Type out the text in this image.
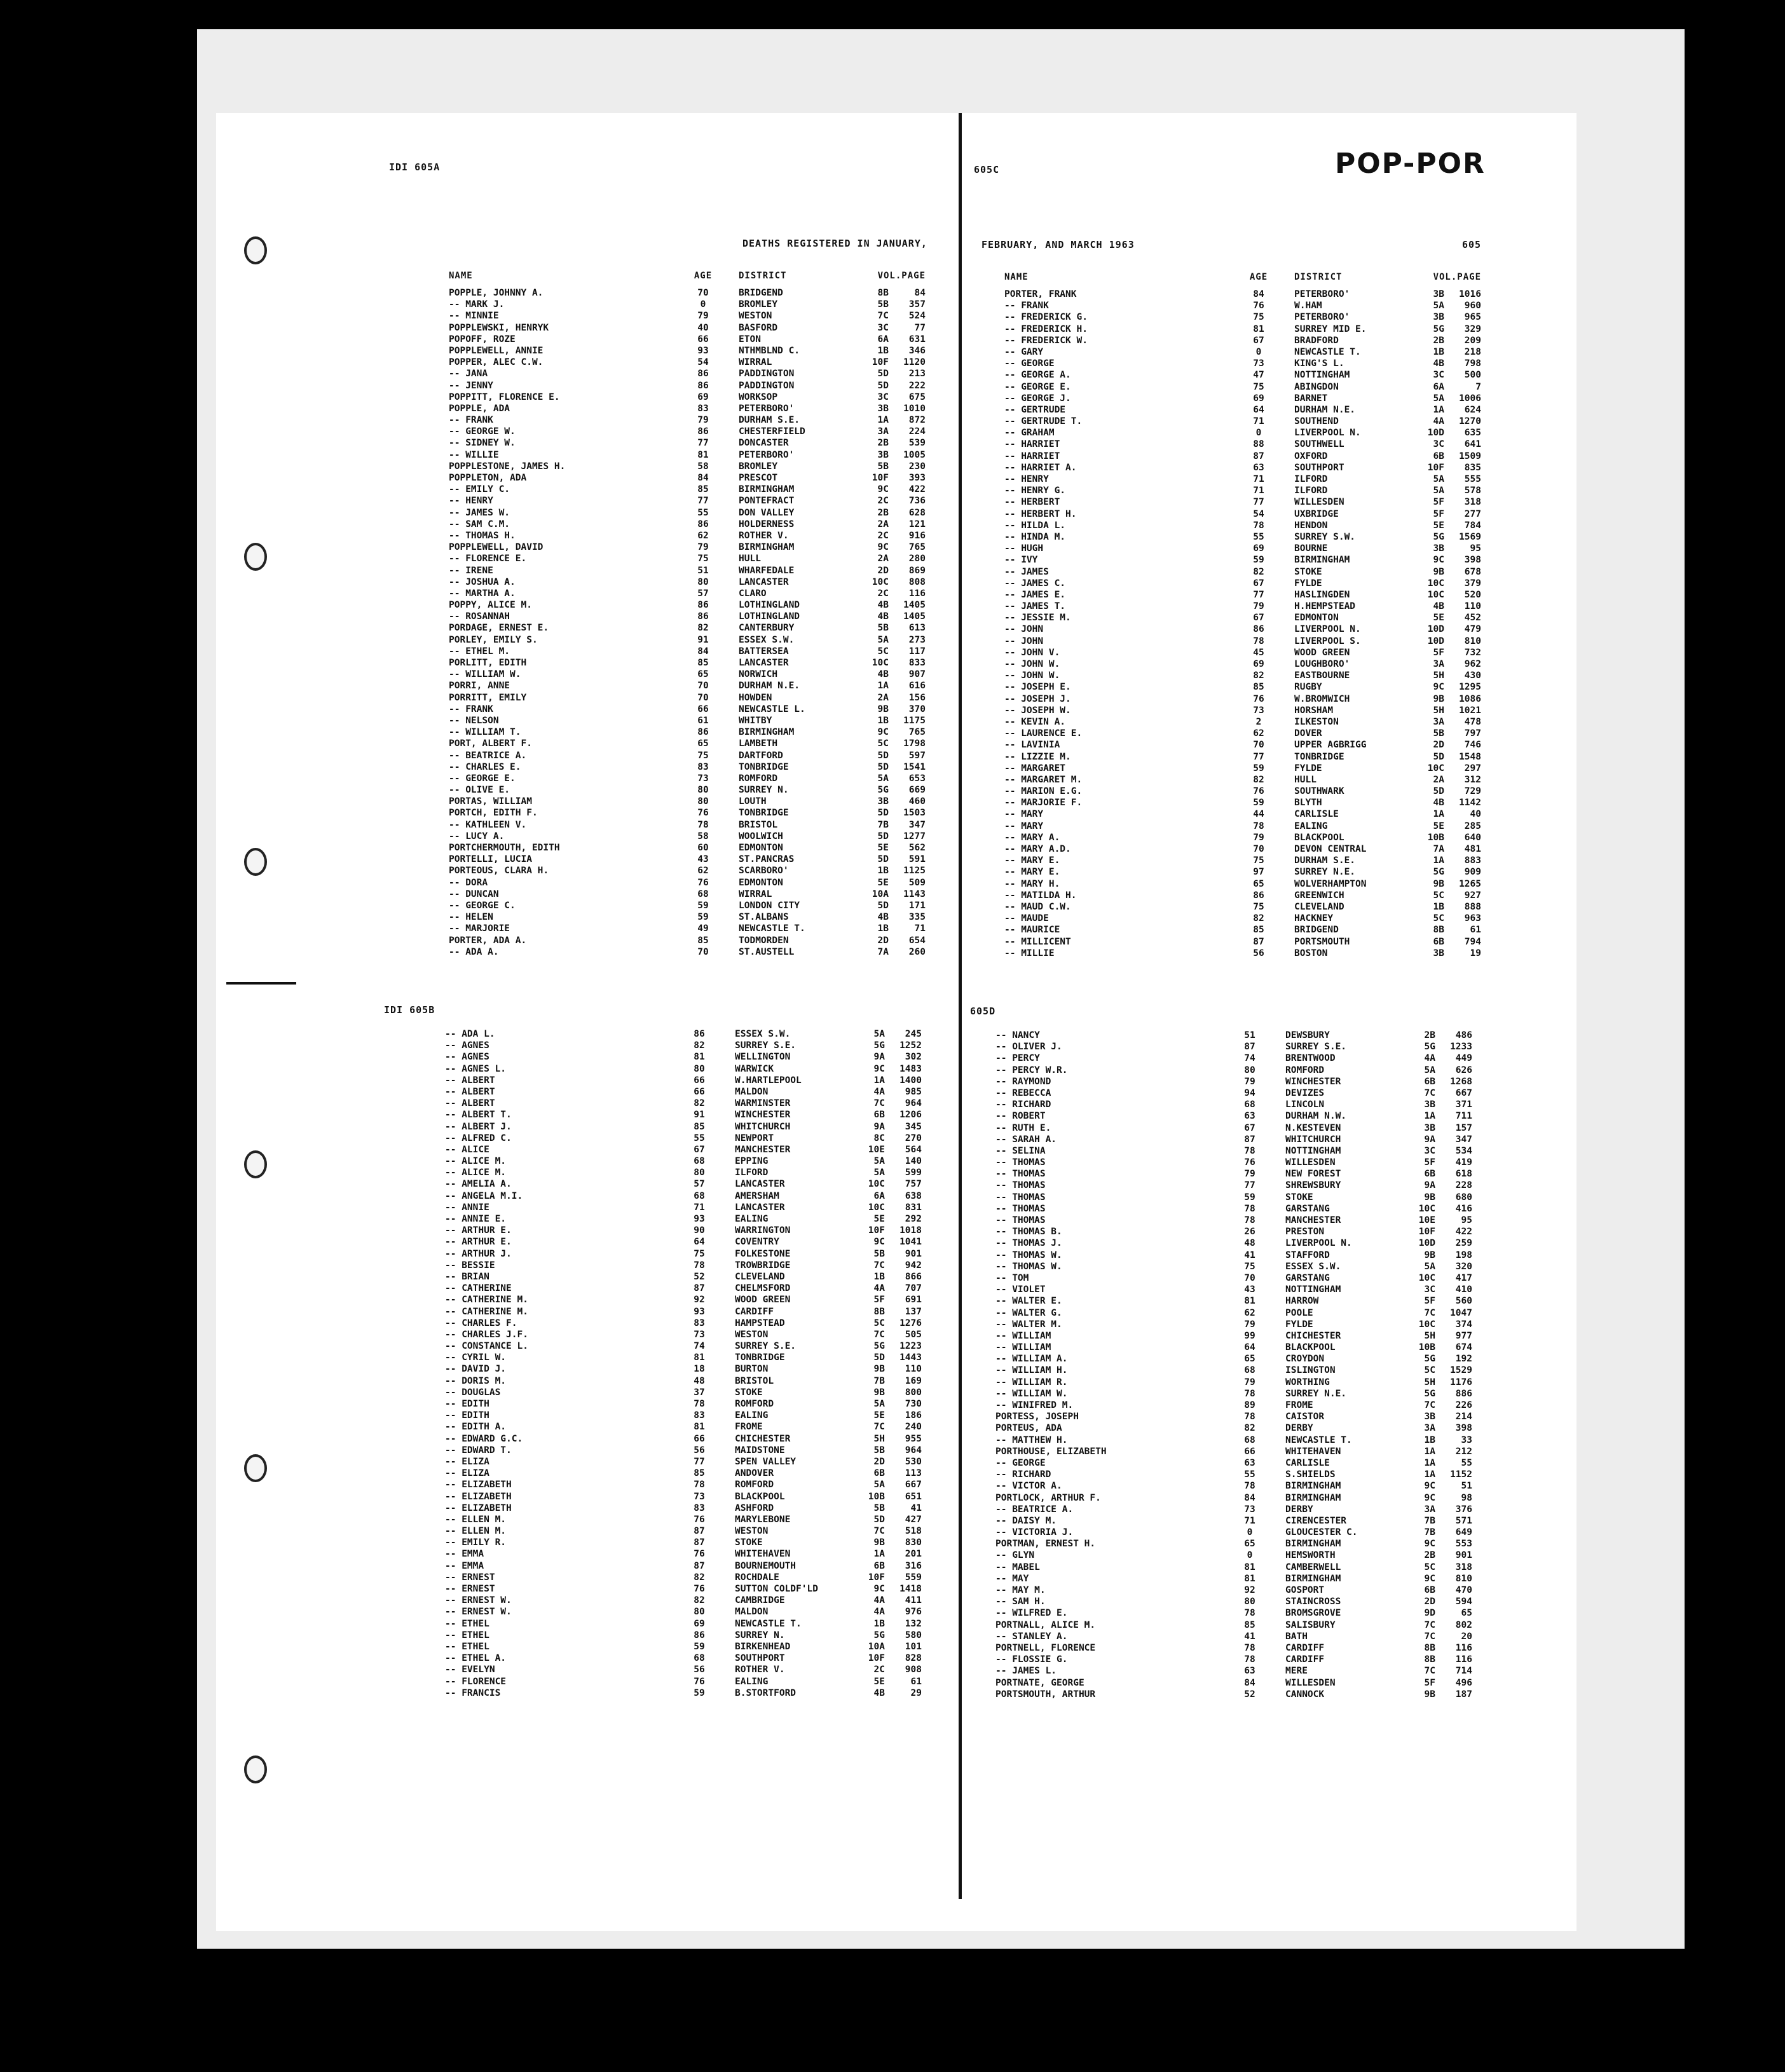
IDI 605A	605C	POP-POR
DEATHS REGISTERED IN JANUARY,	FEBRUARY, AND MARCH 1963	605
IDI 605B	605D
NAME	AGE	DISTRICT	VOL.PAGE
POPPLE, JOHNNY A.	70	BRIDGEND	8B	84
-- MARK J.	0	BROMLEY	5B	357
-- MINNIE	79	WESTON	7C	524
POPPLEWSKI, HENRYK	40	BASFORD	3C	77
POPOFF, ROZE	66	ETON	6A	631
POPPLEWELL, ANNIE	93	NTHMBLND C.	1B	346
POPPER, ALEC C.W.	54	WIRRAL	10F	1120
-- JANA	86	PADDINGTON	5D	213
-- JENNY	86	PADDINGTON	5D	222
POPPITT, FLORENCE E.	69	WORKSOP	3C	675
POPPLE, ADA	83	PETERBORO'	3B	1010
-- FRANK	79	DURHAM S.E.	1A	872
-- GEORGE W.	86	CHESTERFIELD	3A	224
-- SIDNEY W.	77	DONCASTER	2B	539
-- WILLIE	81	PETERBORO'	3B	1005
POPPLESTONE, JAMES H.	58	BROMLEY	5B	230
POPPLETON, ADA	84	PRESCOT	10F	393
-- EMILY C.	85	BIRMINGHAM	9C	422
-- HENRY	77	PONTEFRACT	2C	736
-- JAMES W.	55	DON VALLEY	2B	628
-- SAM C.M.	86	HOLDERNESS	2A	121
-- THOMAS H.	62	ROTHER V.	2C	916
POPPLEWELL, DAVID	79	BIRMINGHAM	9C	765
-- FLORENCE E.	75	HULL	2A	280
-- IRENE	51	WHARFEDALE	2D	869
-- JOSHUA A.	80	LANCASTER	10C	808
-- MARTHA A.	57	CLARO	2C	116
POPPY, ALICE M.	86	LOTHINGLAND	4B	1405
-- ROSANNAH	86	LOTHINGLAND	4B	1405
PORDAGE, ERNEST E.	82	CANTERBURY	5B	613
PORLEY, EMILY S.	91	ESSEX S.W.	5A	273
-- ETHEL M.	84	BATTERSEA	5C	117
PORLITT, EDITH	85	LANCASTER	10C	833
-- WILLIAM W.	65	NORWICH	4B	907
PORRI, ANNE	70	DURHAM N.E.	1A	616
PORRITT, EMILY	70	HOWDEN	2A	156
-- FRANK	66	NEWCASTLE L.	9B	370
-- NELSON	61	WHITBY	1B	1175
-- WILLIAM T.	86	BIRMINGHAM	9C	765
PORT, ALBERT F.	65	LAMBETH	5C	1798
-- BEATRICE A.	75	DARTFORD	5D	597
-- CHARLES E.	83	TONBRIDGE	5D	1541
-- GEORGE E.	73	ROMFORD	5A	653
-- OLIVE E.	80	SURREY N.	5G	669
PORTAS, WILLIAM	80	LOUTH	3B	460
PORTCH, EDITH F.	76	TONBRIDGE	5D	1503
-- KATHLEEN V.	78	BRISTOL	7B	347
-- LUCY A.	58	WOOLWICH	5D	1277
PORTCHERMOUTH, EDITH	60	EDMONTON	5E	562
PORTELLI, LUCIA	43	ST.PANCRAS	5D	591
PORTEOUS, CLARA H.	62	SCARBORO'	1B	1125
-- DORA	76	EDMONTON	5E	509
-- DUNCAN	68	WIRRAL	10A	1143
-- GEORGE C.	59	LONDON CITY	5D	171
-- HELEN	59	ST.ALBANS	4B	335
-- MARJORIE	49	NEWCASTLE T.	1B	71
PORTER, ADA A.	85	TODMORDEN	2D	654
-- ADA A.	70	ST.AUSTELL	7A	260
NAME	AGE	DISTRICT	VOL.PAGE
PORTER, FRANK	84	PETERBORO'	3B	1016
-- FRANK	76	W.HAM	5A	960
-- FREDERICK G.	75	PETERBORO'	3B	965
-- FREDERICK H.	81	SURREY MID E.	5G	329
-- FREDERICK W.	67	BRADFORD	2B	209
-- GARY	0	NEWCASTLE T.	1B	218
-- GEORGE	73	KING'S L.	4B	798
-- GEORGE A.	47	NOTTINGHAM	3C	500
-- GEORGE E.	75	ABINGDON	6A	7
-- GEORGE J.	69	BARNET	5A	1006
-- GERTRUDE	64	DURHAM N.E.	1A	624
-- GERTRUDE T.	71	SOUTHEND	4A	1270
-- GRAHAM	0	LIVERPOOL N.	10D	635
-- HARRIET	88	SOUTHWELL	3C	641
-- HARRIET	87	OXFORD	6B	1509
-- HARRIET A.	63	SOUTHPORT	10F	835
-- HENRY	71	ILFORD	5A	555
-- HENRY G.	71	ILFORD	5A	578
-- HERBERT	77	WILLESDEN	5F	318
-- HERBERT H.	54	UXBRIDGE	5F	277
-- HILDA L.	78	HENDON	5E	784
-- HINDA M.	55	SURREY S.W.	5G	1569
-- HUGH	69	BOURNE	3B	95
-- IVY	59	BIRMINGHAM	9C	398
-- JAMES	82	STOKE	9B	678
-- JAMES C.	67	FYLDE	10C	379
-- JAMES E.	77	HASLINGDEN	10C	520
-- JAMES T.	79	H.HEMPSTEAD	4B	110
-- JESSIE M.	67	EDMONTON	5E	452
-- JOHN	86	LIVERPOOL N.	10D	479
-- JOHN	78	LIVERPOOL S.	10D	810
-- JOHN V.	45	WOOD GREEN	5F	732
-- JOHN W.	69	LOUGHBORO'	3A	962
-- JOHN W.	82	EASTBOURNE	5H	430
-- JOSEPH E.	85	RUGBY	9C	1295
-- JOSEPH J.	76	W.BROMWICH	9B	1086
-- JOSEPH W.	73	HORSHAM	5H	1021
-- KEVIN A.	2	ILKESTON	3A	478
-- LAURENCE E.	62	DOVER	5B	797
-- LAVINIA	70	UPPER AGBRIGG	2D	746
-- LIZZIE M.	77	TONBRIDGE	5D	1548
-- MARGARET	59	FYLDE	10C	297
-- MARGARET M.	82	HULL	2A	312
-- MARION E.G.	76	SOUTHWARK	5D	729
-- MARJORIE F.	59	BLYTH	4B	1142
-- MARY	44	CARLISLE	1A	40
-- MARY	78	EALING	5E	285
-- MARY A.	79	BLACKPOOL	10B	640
-- MARY A.D.	70	DEVON CENTRAL	7A	481
-- MARY E.	75	DURHAM S.E.	1A	883
-- MARY E.	97	SURREY N.E.	5G	909
-- MARY H.	65	WOLVERHAMPTON	9B	1265
-- MATILDA H.	86	GREENWICH	5C	927
-- MAUD C.W.	75	CLEVELAND	1B	888
-- MAUDE	82	HACKNEY	5C	963
-- MAURICE	85	BRIDGEND	8B	61
-- MILLICENT	87	PORTSMOUTH	6B	794
-- MILLIE	56	BOSTON	3B	19
-- ADA L.	86	ESSEX S.W.	5A	245
-- AGNES	82	SURREY S.E.	5G	1252
-- AGNES	81	WELLINGTON	9A	302
-- AGNES L.	80	WARWICK	9C	1483
-- ALBERT	66	W.HARTLEPOOL	1A	1400
-- ALBERT	66	MALDON	4A	985
-- ALBERT	82	WARMINSTER	7C	964
-- ALBERT T.	91	WINCHESTER	6B	1206
-- ALBERT J.	85	WHITCHURCH	9A	345
-- ALFRED C.	55	NEWPORT	8C	270
-- ALICE	67	MANCHESTER	10E	564
-- ALICE M.	68	EPPING	5A	140
-- ALICE M.	80	ILFORD	5A	599
-- AMELIA A.	57	LANCASTER	10C	757
-- ANGELA M.I.	68	AMERSHAM	6A	638
-- ANNIE	71	LANCASTER	10C	831
-- ANNIE E.	93	EALING	5E	292
-- ARTHUR E.	90	WARRINGTON	10F	1018
-- ARTHUR E.	64	COVENTRY	9C	1041
-- ARTHUR J.	75	FOLKESTONE	5B	901
-- BESSIE	78	TROWBRIDGE	7C	942
-- BRIAN	52	CLEVELAND	1B	866
-- CATHERINE	87	CHELMSFORD	4A	707
-- CATHERINE M.	92	WOOD GREEN	5F	691
-- CATHERINE M.	93	CARDIFF	8B	137
-- CHARLES F.	83	HAMPSTEAD	5C	1276
-- CHARLES J.F.	73	WESTON	7C	505
-- CONSTANCE L.	74	SURREY S.E.	5G	1223
-- CYRIL W.	81	TONBRIDGE	5D	1443
-- DAVID J.	18	BURTON	9B	110
-- DORIS M.	48	BRISTOL	7B	169
-- DOUGLAS	37	STOKE	9B	800
-- EDITH	78	ROMFORD	5A	730
-- EDITH	83	EALING	5E	186
-- EDITH A.	81	FROME	7C	240
-- EDWARD G.C.	66	CHICHESTER	5H	955
-- EDWARD T.	56	MAIDSTONE	5B	964
-- ELIZA	77	SPEN VALLEY	2D	530
-- ELIZA	85	ANDOVER	6B	113
-- ELIZABETH	78	ROMFORD	5A	667
-- ELIZABETH	73	BLACKPOOL	10B	651
-- ELIZABETH	83	ASHFORD	5B	41
-- ELLEN M.	76	MARYLEBONE	5D	427
-- ELLEN M.	87	WESTON	7C	518
-- EMILY R.	87	STOKE	9B	830
-- EMMA	76	WHITEHAVEN	1A	201
-- EMMA	87	BOURNEMOUTH	6B	316
-- ERNEST	82	ROCHDALE	10F	559
-- ERNEST	76	SUTTON COLDF'LD	9C	1418
-- ERNEST W.	82	CAMBRIDGE	4A	411
-- ERNEST W.	80	MALDON	4A	976
-- ETHEL	69	NEWCASTLE T.	1B	132
-- ETHEL	86	SURREY N.	5G	580
-- ETHEL	59	BIRKENHEAD	10A	101
-- ETHEL A.	68	SOUTHPORT	10F	828
-- EVELYN	56	ROTHER V.	2C	908
-- FLORENCE	76	EALING	5E	61
-- FRANCIS	59	B.STORTFORD	4B	29
-- NANCY	51	DEWSBURY	2B	486
-- OLIVER J.	87	SURREY S.E.	5G	1233
-- PERCY	74	BRENTWOOD	4A	449
-- PERCY W.R.	80	ROMFORD	5A	626
-- RAYMOND	79	WINCHESTER	6B	1268
-- REBECCA	94	DEVIZES	7C	667
-- RICHARD	68	LINCOLN	3B	371
-- ROBERT	63	DURHAM N.W.	1A	711
-- RUTH E.	67	N.KESTEVEN	3B	157
-- SARAH A.	87	WHITCHURCH	9A	347
-- SELINA	78	NOTTINGHAM	3C	534
-- THOMAS	76	WILLESDEN	5F	419
-- THOMAS	79	NEW FOREST	6B	618
-- THOMAS	77	SHREWSBURY	9A	228
-- THOMAS	59	STOKE	9B	680
-- THOMAS	78	GARSTANG	10C	416
-- THOMAS	78	MANCHESTER	10E	95
-- THOMAS B.	26	PRESTON	10F	422
-- THOMAS J.	48	LIVERPOOL N.	10D	259
-- THOMAS W.	41	STAFFORD	9B	198
-- THOMAS W.	75	ESSEX S.W.	5A	320
-- TOM	70	GARSTANG	10C	417
-- VIOLET	43	NOTTINGHAM	3C	410
-- WALTER E.	81	HARROW	5F	560
-- WALTER G.	62	POOLE	7C	1047
-- WALTER M.	79	FYLDE	10C	374
-- WILLIAM	99	CHICHESTER	5H	977
-- WILLIAM	64	BLACKPOOL	10B	674
-- WILLIAM A.	65	CROYDON	5G	192
-- WILLIAM H.	68	ISLINGTON	5C	1529
-- WILLIAM R.	79	WORTHING	5H	1176
-- WILLIAM W.	78	SURREY N.E.	5G	886
-- WINIFRED M.	89	FROME	7C	226
PORTESS, JOSEPH	78	CAISTOR	3B	214
PORTEUS, ADA	82	DERBY	3A	398
-- MATTHEW H.	68	NEWCASTLE T.	1B	33
PORTHOUSE, ELIZABETH	66	WHITEHAVEN	1A	212
-- GEORGE	63	CARLISLE	1A	55
-- RICHARD	55	S.SHIELDS	1A	1152
-- VICTOR A.	78	BIRMINGHAM	9C	51
PORTLOCK, ARTHUR F.	84	BIRMINGHAM	9C	98
-- BEATRICE A.	73	DERBY	3A	376
-- DAISY M.	71	CIRENCESTER	7B	571
-- VICTORIA J.	0	GLOUCESTER C.	7B	649
PORTMAN, ERNEST H.	65	BIRMINGHAM	9C	553
-- GLYN	0	HEMSWORTH	2B	901
-- MABEL	81	CAMBERWELL	5C	318
-- MAY	81	BIRMINGHAM	9C	810
-- MAY M.	92	GOSPORT	6B	470
-- SAM H.	80	STAINCROSS	2D	594
-- WILFRED E.	78	BROMSGROVE	9D	65
PORTNALL, ALICE M.	85	SALISBURY	7C	802
-- STANLEY A.	41	BATH	7C	20
PORTNELL, FLORENCE	78	CARDIFF	8B	116
-- FLOSSIE G.	78	CARDIFF	8B	116
-- JAMES L.	63	MERE	7C	714
PORTNATE, GEORGE	84	WILLESDEN	5F	496
PORTSMOUTH, ARTHUR	52	CANNOCK	9B	187
